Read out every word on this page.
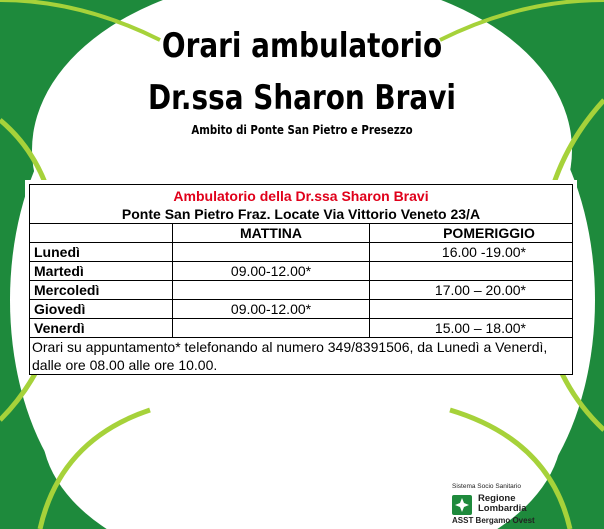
Orari ambulatorio
Dr.ssa Sharon Bravi
Ambito di Ponte San Pietro e Presezzo
Ambulatorio della Dr.ssa Sharon Bravi
Ponte San Pietro Fraz. Locate Via Vittorio Veneto 23/A		

	MATTINA	POMERIGGIO
Lunedì		16.00 -19.00*
Martedì	09.00-12.00*	
Mercoledì		17.00 – 20.00*
Giovedì	09.00-12.00*	
Venerdì		15.00 – 18.00*
Orari su appuntamento* telefonando al numero 349/8391506, da Lunedì a Venerdì, dalle ore 08.00 alle ore 10.00.		
Sistema Socio Sanitario
Regione
Lombardia
ASST Bergamo Ovest
